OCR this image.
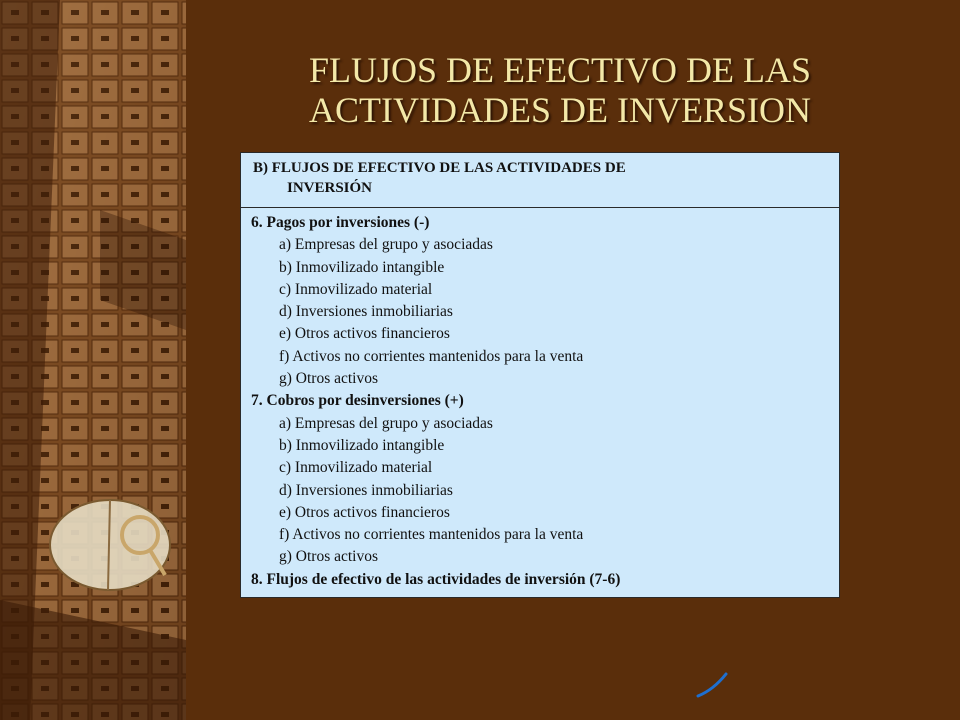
FLUJOS DE EFECTIVO DE LAS
ACTIVIDADES DE INVERSION
B) FLUJOS DE EFECTIVO DE LAS ACTIVIDADES DE
INVERSIÓN
6. Pagos por inversiones (-)
a) Empresas del grupo y asociadas
b) Inmovilizado intangible
c) Inmovilizado material
d) Inversiones inmobiliarias
e) Otros activos financieros
f) Activos no corrientes mantenidos para la venta
g) Otros activos
7. Cobros por desinversiones (+)
a) Empresas del grupo y asociadas
b) Inmovilizado intangible
c) Inmovilizado material
d) Inversiones inmobiliarias
e) Otros activos financieros
f) Activos no corrientes mantenidos para la venta
g) Otros activos
8. Flujos de efectivo de las actividades de inversión (7-6)
